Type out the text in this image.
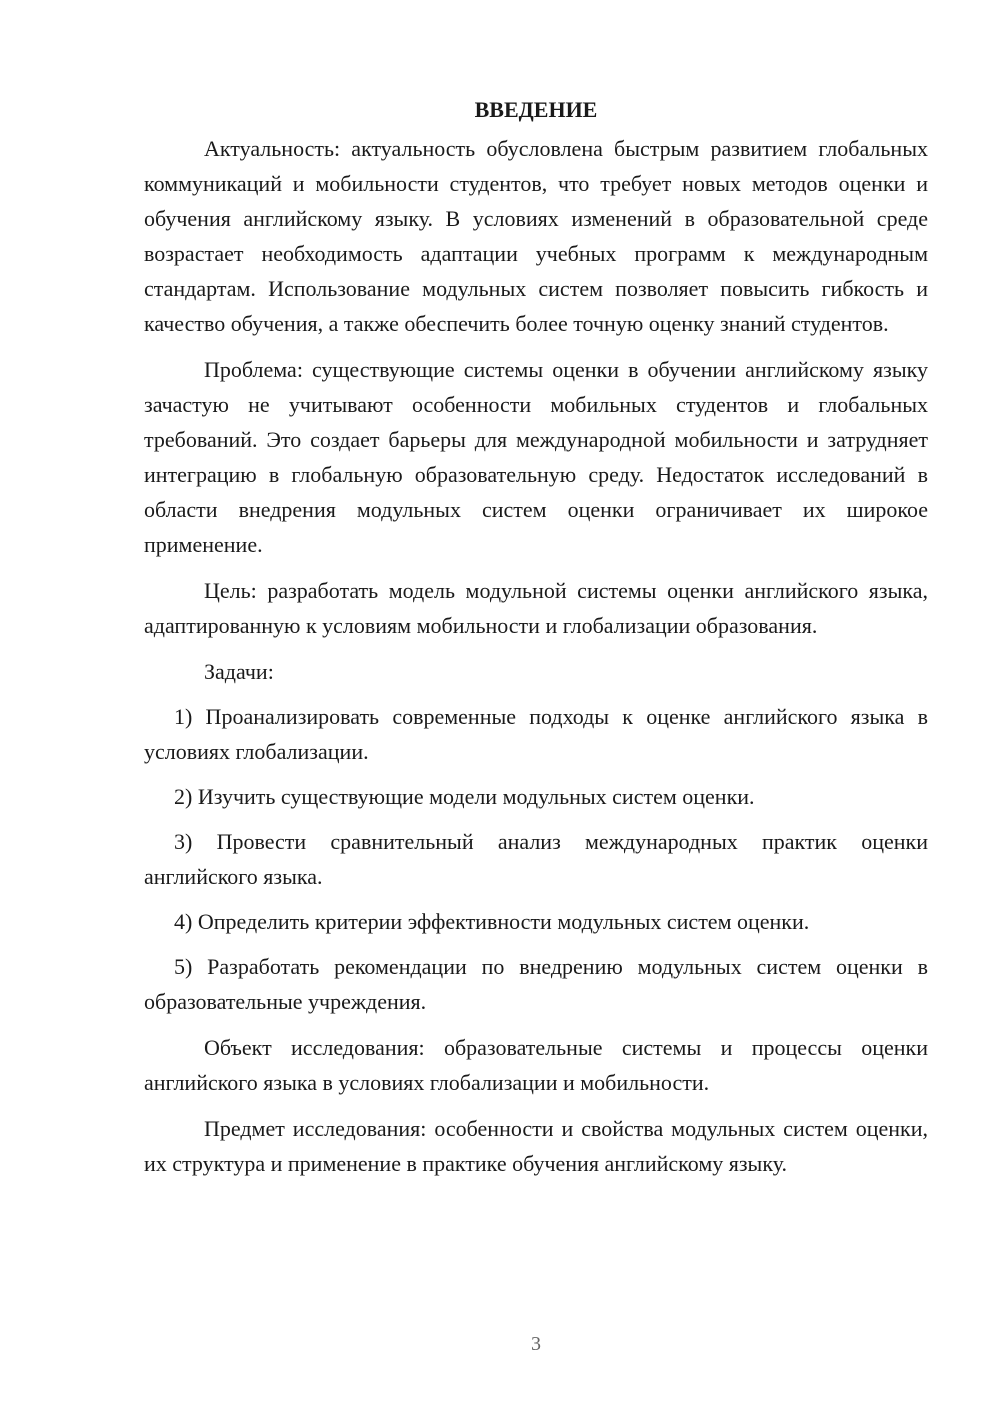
ВВЕДЕНИЕ

Актуальность: актуальность обусловлена быстрым развитием глобальных коммуникаций и мобильности студентов, что требует новых методов оценки и обучения английскому языку. В условиях изменений в образовательной среде возрастает необходимость адаптации учебных программ к международным стандартам. Использование модульных систем позволяет повысить гибкость и качество обучения, а также обеспечить более точную оценку знаний студентов.

Проблема: существующие системы оценки в обучении английскому языку зачастую не учитывают особенности мобильных студентов и глобальных требований. Это создает барьеры для международной мобильности и затрудняет интеграцию в глобальную образовательную среду. Недостаток исследований в области внедрения модульных систем оценки ограничивает их широкое применение.

Цель: разработать модель модульной системы оценки английского языка, адаптированную к условиям мобильности и глобализации образования.

Задачи:

1) Проанализировать современные подходы к оценке английского языка в условиях глобализации.

2) Изучить существующие модели модульных систем оценки.

3) Провести сравнительный анализ международных практик оценки английского языка.

4) Определить критерии эффективности модульных систем оценки.

5) Разработать рекомендации по внедрению модульных систем оценки в образовательные учреждения.

Объект исследования: образовательные системы и процессы оценки английского языка в условиях глобализации и мобильности.

Предмет исследования: особенности и свойства модульных систем оценки, их структура и применение в практике обучения английскому языку.

3
